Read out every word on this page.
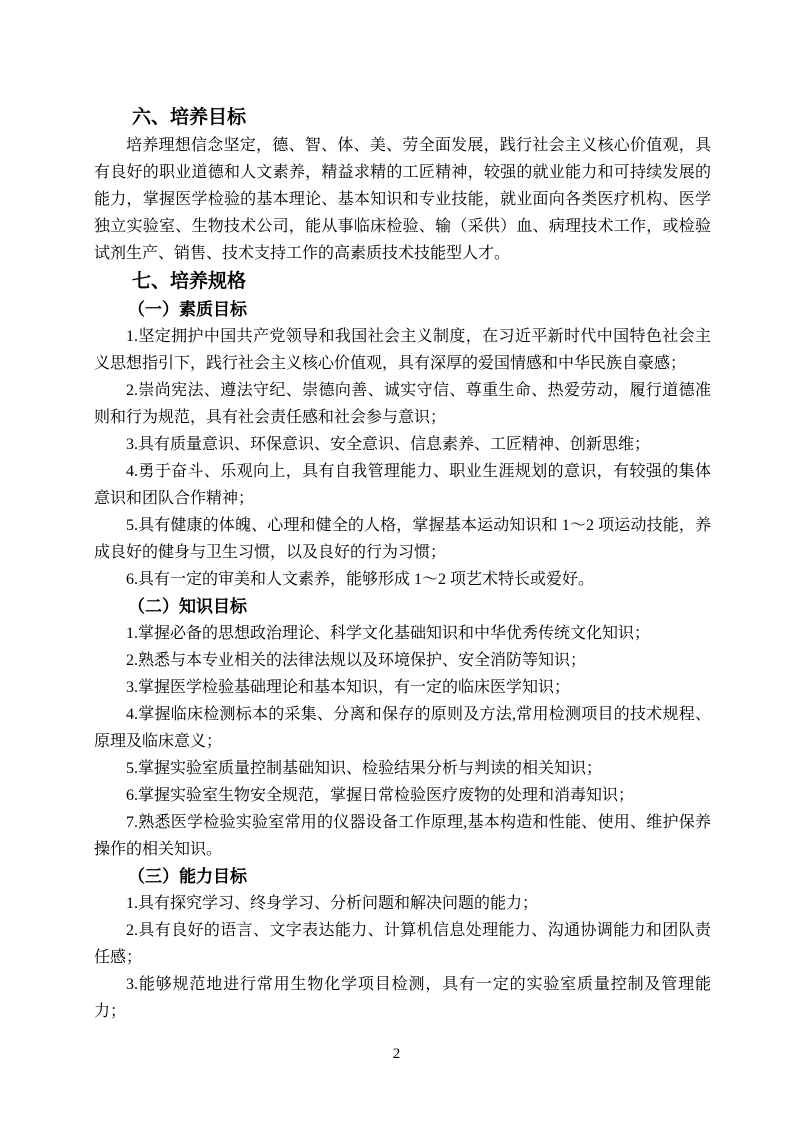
六、培养目标

培养理想信念坚定，德、智、体、美、劳全面发展，践行社会主义核心价值观，具有良好的职业道德和人文素养，精益求精的工匠精神，较强的就业能力和可持续发展的能力，掌握医学检验的基本理论、基本知识和专业技能，就业面向各类医疗机构、医学独立实验室、生物技术公司，能从事临床检验、输（采供）血、病理技术工作，或检验试剂生产、销售、技术支持工作的高素质技术技能型人才。

七、培养规格
（一）素质目标

1.坚定拥护中国共产党领导和我国社会主义制度，在习近平新时代中国特色社会主义思想指引下，践行社会主义核心价值观，具有深厚的爱国情感和中华民族自豪感；

2.崇尚宪法、遵法守纪、崇德向善、诚实守信、尊重生命、热爱劳动，履行道德准则和行为规范，具有社会责任感和社会参与意识；

3.具有质量意识、环保意识、安全意识、信息素养、工匠精神、创新思维；

4.勇于奋斗、乐观向上，具有自我管理能力、职业生涯规划的意识，有较强的集体意识和团队合作精神；

5.具有健康的体魄、心理和健全的人格，掌握基本运动知识和 1～2 项运动技能，养成良好的健身与卫生习惯，以及良好的行为习惯；

6.具有一定的审美和人文素养，能够形成 1～2 项艺术特长或爱好。

（二）知识目标

1.掌握必备的思想政治理论、科学文化基础知识和中华优秀传统文化知识；

2.熟悉与本专业相关的法律法规以及环境保护、安全消防等知识；

3.掌握医学检验基础理论和基本知识，有一定的临床医学知识；

4.掌握临床检测标本的采集、分离和保存的原则及方法,常用检测项目的技术规程、原理及临床意义；

5.掌握实验室质量控制基础知识、检验结果分析与判读的相关知识；

6.掌握实验室生物安全规范，掌握日常检验医疗废物的处理和消毒知识；

7.熟悉医学检验实验室常用的仪器设备工作原理,基本构造和性能、使用、维护保养操作的相关知识。

（三）能力目标

1.具有探究学习、终身学习、分析问题和解决问题的能力；

2.具有良好的语言、文字表达能力、计算机信息处理能力、沟通协调能力和团队责任感；

3.能够规范地进行常用生物化学项目检测，具有一定的实验室质量控制及管理能力；

2
